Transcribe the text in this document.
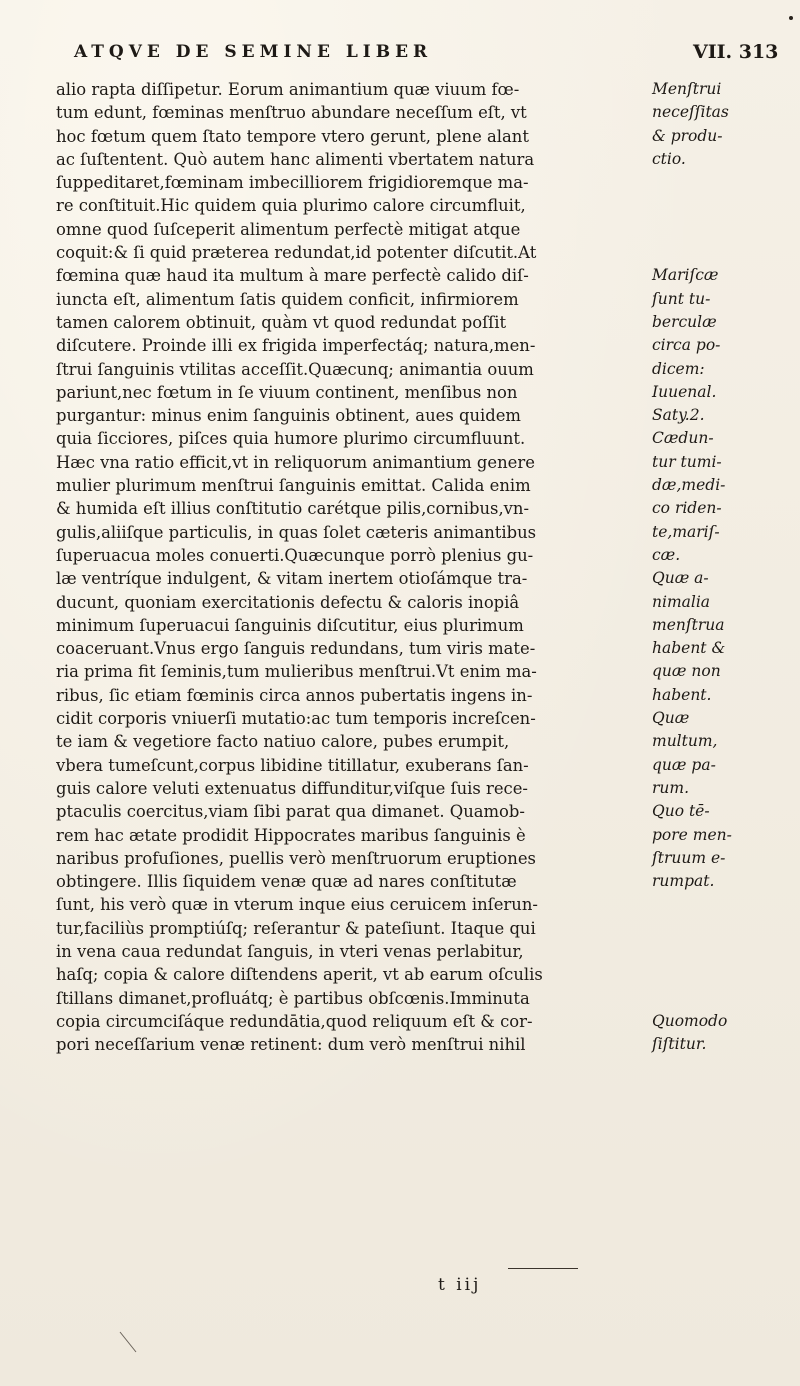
ATQVE DE SEMINE LIBER	VII. 313
alio rapta diſſipetur. Eorum animantium quæ viuum fœ-
tum edunt, fœminas menſtruo abundare neceſſum eſt, vt
hoc fœtum quem ſtato tempore vtero gerunt, plene alant
ac ſuſtentent. Quò autem hanc alimenti vbertatem natura
ſuppeditaret,fœminam imbecilliorem frigidioremque ma-
re conſtituit.Hic quidem quia plurimo calore circumfluit,
omne quod ſuſceperit alimentum perfectè mitigat atque
coquit:& ſi quid præterea redundat,id potenter diſcutit.At
fœmina quæ haud ita multum à mare perfectè calido diſ-
iuncta eſt, alimentum ſatis quidem conficit, infirmiorem
tamen calorem obtinuit, quàm vt quod redundat poſſit
diſcutere. Proinde illi ex frigida imperfectáq; natura,men-
ſtrui ſanguinis vtilitas acceſſit.Quæcunq; animantia ouum
pariunt,nec fœtum in ſe viuum continent, menſibus non
purgantur: minus enim ſanguinis obtinent, aues quidem
quia ſicciores, piſces quia humore plurimo circumfluunt.
Hæc vna ratio efficit,vt in reliquorum animantium genere
mulier plurimum menſtrui ſanguinis emittat. Calida enim
& humida eſt illius conſtitutio carétque pilis,cornibus,vn-
gulis,aliiſque particulis, in quas ſolet cæteris animantibus
ſuperuacua moles conuerti.Quæcunque porrò plenius gu-
læ ventríque indulgent, & vitam inertem otioſámque tra-
ducunt, quoniam exercitationis defectu & caloris inopiâ
minimum ſuperuacui ſanguinis diſcutitur, eius plurimum
coaceruant.Vnus ergo ſanguis redundans, tum viris mate-
ria prima fit ſeminis,tum mulieribus menſtrui.Vt enim ma-
ribus, ſic etiam fœminis circa annos pubertatis ingens in-
cidit corporis vniuerſi mutatio:ac tum temporis increſcen-
te iam & vegetiore facto natiuo calore, pubes erumpit,
vbera tumeſcunt,corpus libidine titillatur, exuberans ſan-
guis calore veluti extenuatus diffunditur,viſque ſuis rece-
ptaculis coercitus,viam ſibi parat qua dimanet. Quamob-
rem hac ætate prodidit Hippocrates maribus ſanguinis è
naribus profuſiones, puellis verò menſtruorum eruptiones
obtingere. Illis ſiquidem venæ quæ ad nares conſtitutæ
ſunt, his verò quæ in vterum inque eius ceruicem inſerun-
tur,faciliùs promptiúſq; reſerantur & pateſiunt. Itaque qui
in vena caua redundat ſanguis, in vteri venas perlabitur,
haſq; copia & calore diſtendens aperit, vt ab earum oſculis
ſtillans dimanet,profluátq; è partibus obſcœnis.Imminuta
copia circumciſáque redundātia,quod reliquum eſt & cor-
pori neceſſarium venæ retinent: dum verò menſtrui nihil
Menſtrui
neceſſitas
& produ-
ctio.
Mariſcæ
ſunt tu-
berculæ
circa po-
dicem:
Iuuenal.
Saty.2.
Cædun-
tur tumi-
dæ,medi-
co riden-
te,mariſ-
cæ.
Quæ a-
nimalia
menſtrua
habent &
quæ non
habent.
Quæ
multum,
quæ pa-
rum.
Quo tē-
pore men-
ſtruum e-
rumpat.
Quomodo
ſiſtitur.
t iij
